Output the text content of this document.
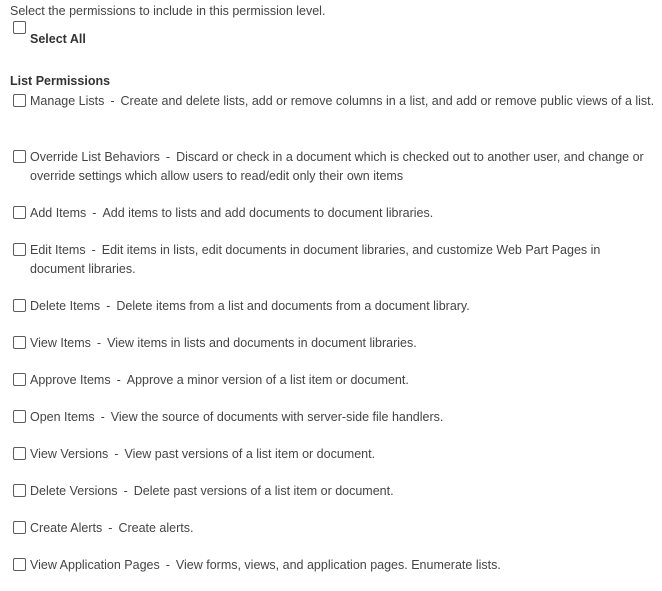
Select the permissions to include in this permission level.
Select All
List Permissions
Manage Lists - Create and delete lists, add or remove columns in a list, and add or remove public views of a list.
Override List Behaviors - Discard or check in a document which is checked out to another user, and change or override settings which allow users to read/edit only their own items
Add Items - Add items to lists and add documents to document libraries.
Edit Items - Edit items in lists, edit documents in document libraries, and customize Web Part Pages in document libraries.
Delete Items - Delete items from a list and documents from a document library.
View Items - View items in lists and documents in document libraries.
Approve Items - Approve a minor version of a list item or document.
Open Items - View the source of documents with server-side file handlers.
View Versions - View past versions of a list item or document.
Delete Versions - Delete past versions of a list item or document.
Create Alerts - Create alerts.
View Application Pages - View forms, views, and application pages. Enumerate lists.
